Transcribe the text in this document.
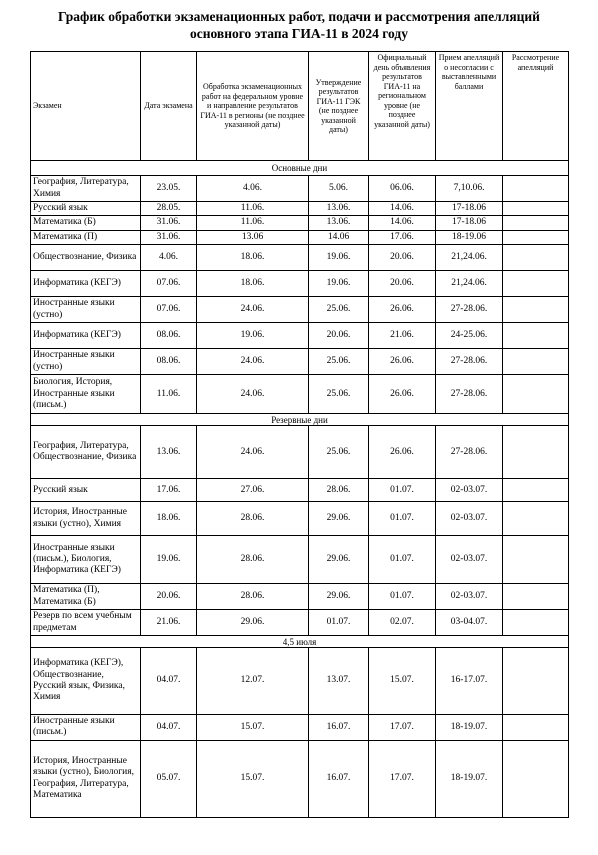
График обработки экзаменационных работ, подачи и рассмотрения апелляций
основного этапа ГИА-11 в 2024 году
Экзамен	Дата экзамена	Обработка экзаменационных работ на федеральном уровне и направление результатов ГИА-11 в регионы (не позднее указанной даты)	Утверждение результатов ГИА-11 ГЭК (не позднее указанной даты)	Официальный день объявления результатов ГИА-11 на региональном уровне (не позднее указанной даты)	Прием апелляций о несогласии с выставленными баллами	Рассмотрение апелляций
Основные дни						
География, Литература, Химия	23.05.	4.06.	5.06.	06.06.	7,10.06.	
Русский язык	28.05.	11.06.	13.06.	14.06.	17-18.06	
Математика (Б)	31.06.	11.06.	13.06.	14.06.	17-18.06	
Математика (П)	31.06.	13.06	14.06	17.06.	18-19.06	
Обществознание, Физика	4.06.	18.06.	19.06.	20.06.	21,24.06.	
Информатика (КЕГЭ)	07.06.	18.06.	19.06.	20.06.	21,24.06.	
Иностранные языки (устно)	07.06.	24.06.	25.06.	26.06.	27-28.06.	
Информатика (КЕГЭ)	08.06.	19.06.	20.06.	21.06.	24-25.06.	
Иностранные языки (устно)	08.06.	24.06.	25.06.	26.06.	27-28.06.	
Биология, История, Иностранные языки (письм.)	11.06.	24.06.	25.06.	26.06.	27-28.06.	
Резервные дни						
География, Литература, Обществознание, Физика	13.06.	24.06.	25.06.	26.06.	27-28.06.	
Русский язык	17.06.	27.06.	28.06.	01.07.	02-03.07.	
История, Иностранные языки (устно), Химия	18.06.	28.06.	29.06.	01.07.	02-03.07.	
Иностранные языки (письм.), Биология, Информатика (КЕГЭ)	19.06.	28.06.	29.06.	01.07.	02-03.07.	
Математика (П), Математика (Б)	20.06.	28.06.	29.06.	01.07.	02-03.07.	
Резерв по всем учебным предметам	21.06.	29.06.	01.07.	02.07.	03-04.07.	
4,5 июля						
Информатика (КЕГЭ), Обществознание, Русский язык, Физика, Химия	04.07.	12.07.	13.07.	15.07.	16-17.07.	
Иностранные языки (письм.)	04.07.	15.07.	16.07.	17.07.	18-19.07.	
История, Иностранные языки (устно), Биология, География, Литература, Математика	05.07.	15.07.	16.07.	17.07.	18-19.07.	
